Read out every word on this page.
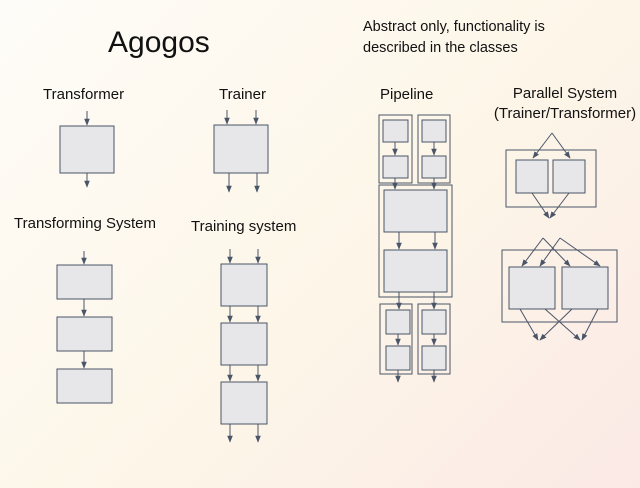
Agogos	Abstract only, functionality is
described in the classes
Transformer	Trainer	Pipeline	Parallel System
(Trainer/Transformer)
Transforming System Training system
